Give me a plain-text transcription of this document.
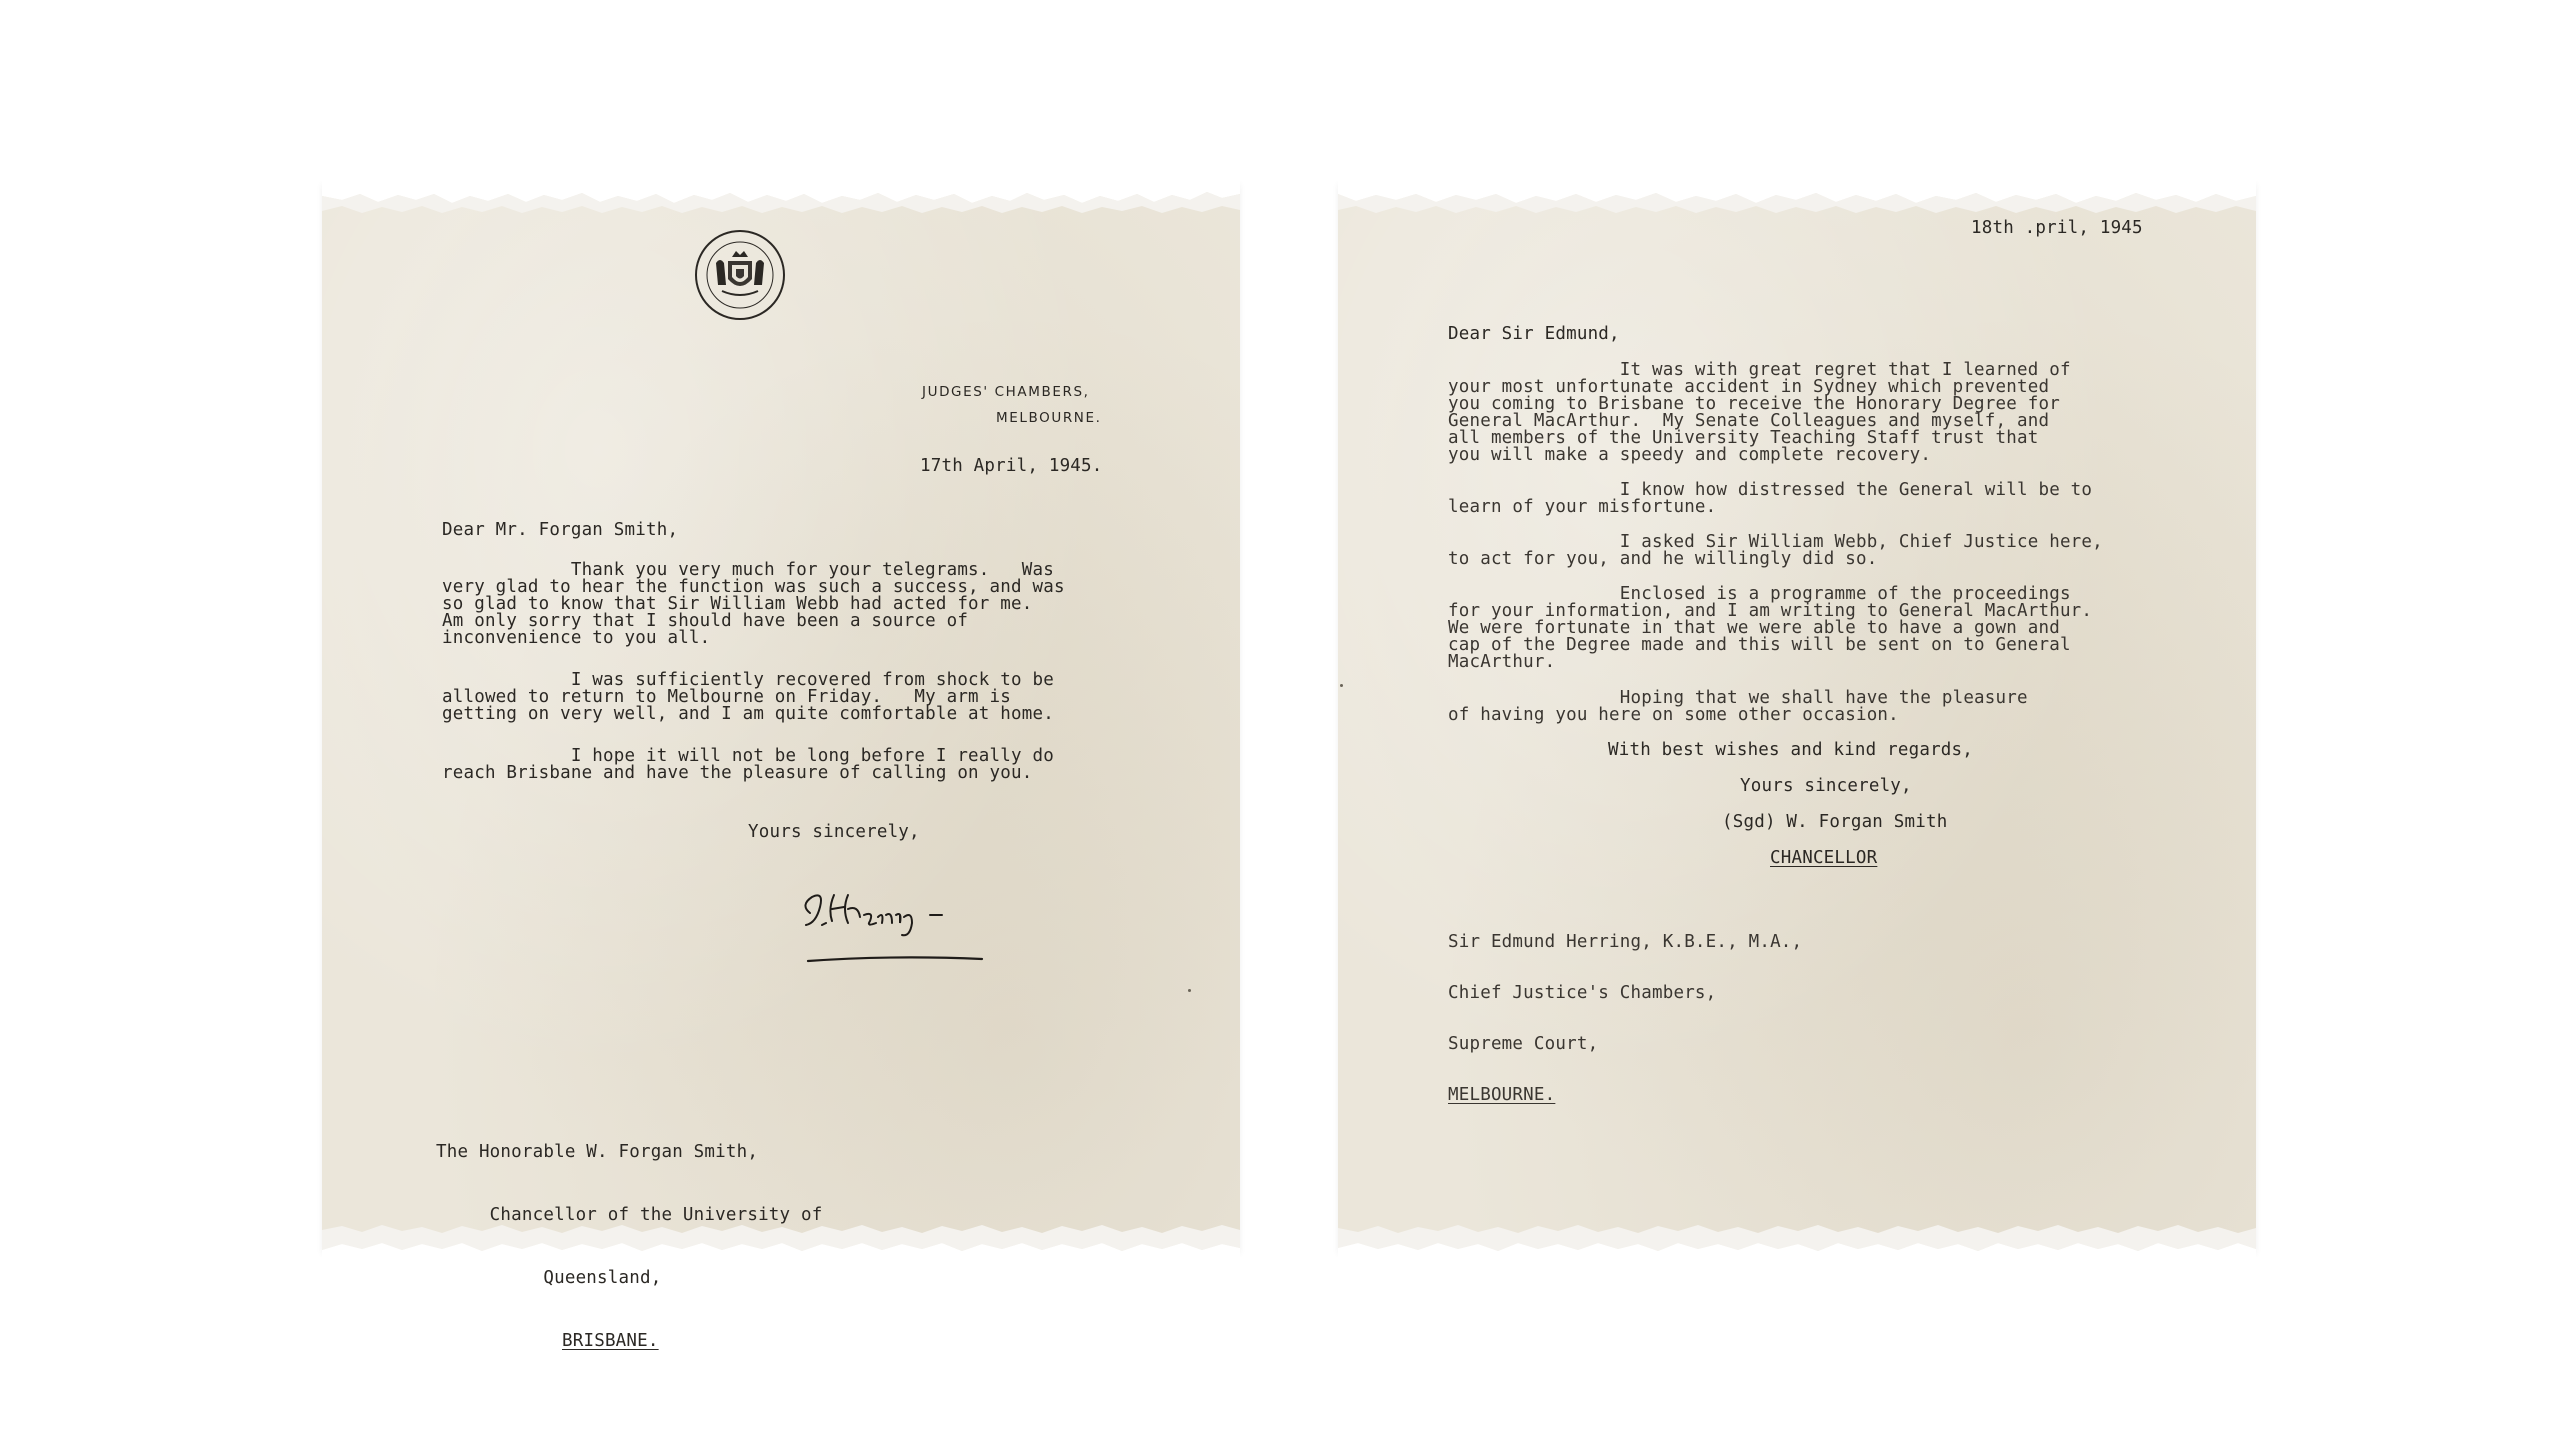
JUDGES' CHAMBERS,
MELBOURNE.
17th April, 1945.
Dear Mr. Forgan Smith,
Thank you very much for your telegrams.   Was
very glad to hear the function was such a success, and was
so glad to know that Sir William Webb had acted for me.
Am only sorry that I should have been a source of
inconvenience to you all.
I was sufficiently recovered from shock to be
allowed to return to Melbourne on Friday.   My arm is
getting on very well, and I am quite comfortable at home.
I hope it will not be long before I really do
reach Brisbane and have the pleasure of calling on you.
Yours sincerely,

The Honorable W. Forgan Smith,

Chancellor of the University of

Queensland,

BRISBANE.

18th .pril, 1945
Dear Sir Edmund,
It was with great regret that I learned of
your most unfortunate accident in Sydney which prevented
you coming to Brisbane to receive the Honorary Degree for
General MacArthur.  My Senate Colleagues and myself, and
all members of the University Teaching Staff trust that
you will make a speedy and complete recovery.
I know how distressed the General will be to
learn of your misfortune.
I asked Sir William Webb, Chief Justice here,
to act for you, and he willingly did so.
Enclosed is a programme of the proceedings
for your information, and I am writing to General MacArthur.
We were fortunate in that we were able to have a gown and
cap of the Degree made and this will be sent on to General
MacArthur.
Hoping that we shall have the pleasure
of having you here on some other occasion.
With best wishes and kind regards,
Yours sincerely,
(Sgd) W. Forgan Smith
CHANCELLOR

Sir Edmund Herring, K.B.E., M.A.,

Chief Justice's Chambers,

Supreme Court,

MELBOURNE.
